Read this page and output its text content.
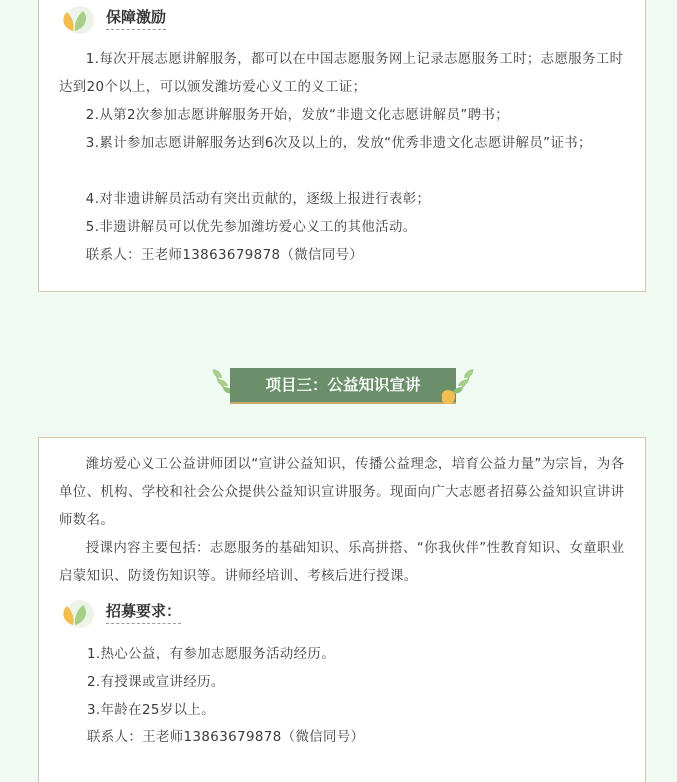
保障激励

1.每次开展志愿讲解服务，都可以在中国志愿服务网上记录志愿服务工时；志愿服务工时达到20个以上，可以颁发潍坊爱心义工的义工证；

2.从第2次参加志愿讲解服务开始，发放“非遗文化志愿讲解员”聘书；

3.累计参加志愿讲解服务达到6次及以上的，发放“优秀非遗文化志愿讲解员”证书；

4.对非遗讲解员活动有突出贡献的，逐级上报进行表彰；

5.非遗讲解员可以优先参加潍坊爱心义工的其他活动。

联系人：王老师13863679878（微信同号）

项目三：公益知识宣讲

潍坊爱心义工公益讲师团以“宣讲公益知识，传播公益理念，培育公益力量”为宗旨，为各单位、机构、学校和社会公众提供公益知识宣讲服务。现面向广大志愿者招募公益知识宣讲讲师数名。

授课内容主要包括：志愿服务的基础知识、乐高拼搭、“你我伙伴”性教育知识、女童职业启蒙知识、防烫伤知识等。讲师经培训、考核后进行授课。

招募要求：
1.热心公益，有参加志愿服务活动经历。
2.有授课或宣讲经历。
3.年龄在25岁以上。
联系人：王老师13863679878（微信同号）
